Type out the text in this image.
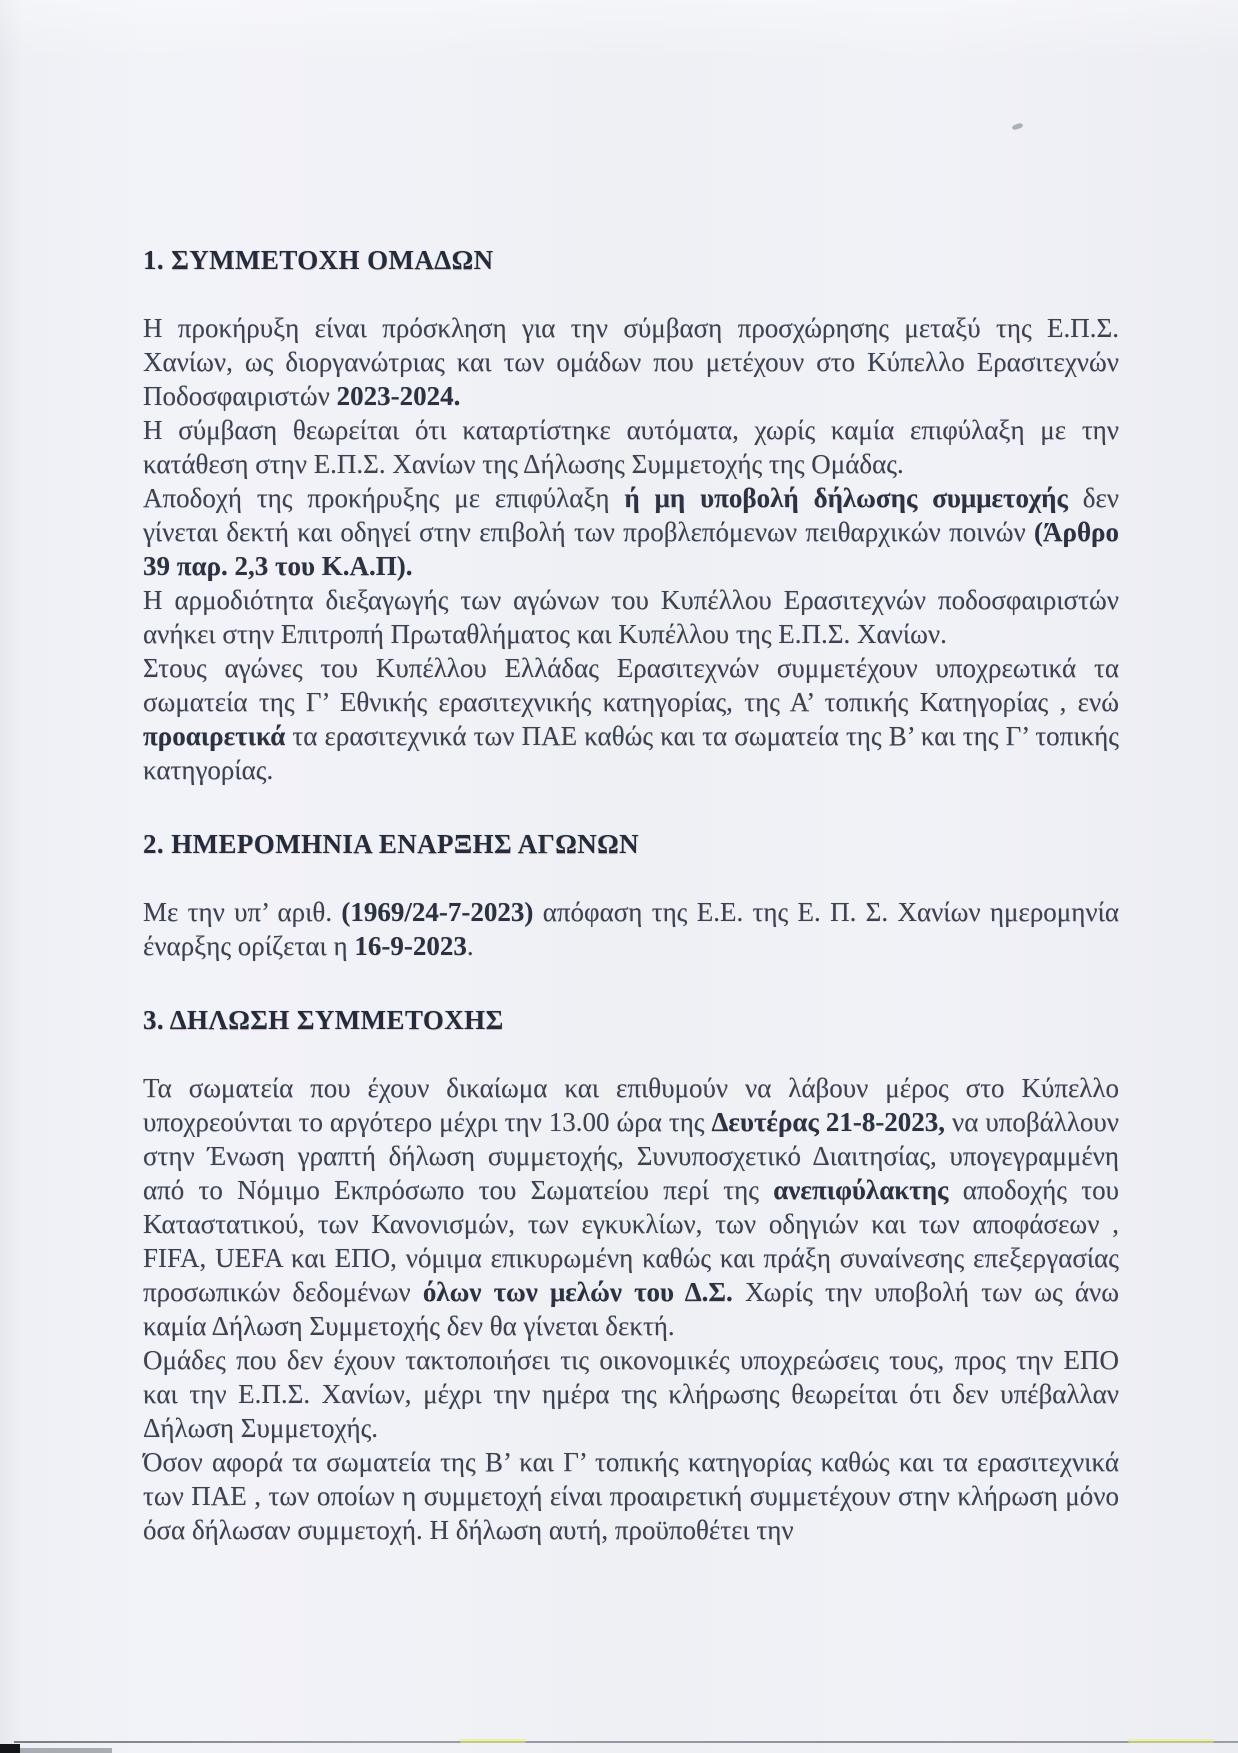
1. ΣΥΜΜΕΤΟΧΗ ΟΜΑΔΩΝ

Η προκήρυξη είναι πρόσκληση για την σύμβαση προσχώρησης μεταξύ της Ε.Π.Σ. Χανίων, ως διοργανώτριας και των ομάδων που μετέχουν στο Κύπελλο Ερασιτεχνών Ποδοσφαιριστών 2023-2024.

Η σύμβαση θεωρείται ότι καταρτίστηκε αυτόματα, χωρίς καμία επιφύλαξη με την κατάθεση στην Ε.Π.Σ. Χανίων της Δήλωσης Συμμετοχής της Ομάδας.

Αποδοχή της προκήρυξης με επιφύλαξη ή μη υποβολή δήλωσης συμμετοχής δεν γίνεται δεκτή και οδηγεί στην επιβολή των προβλεπόμενων πειθαρχικών ποινών (Άρθρο 39 παρ. 2,3 του Κ.Α.Π).

Η αρμοδιότητα διεξαγωγής των αγώνων του Κυπέλλου Ερασιτεχνών ποδοσφαιριστών ανήκει στην Επιτροπή Πρωταθλήματος και Κυπέλλου της Ε.Π.Σ. Χανίων.

Στους αγώνες του Κυπέλλου Ελλάδας Ερασιτεχνών συμμετέχουν υποχρεωτικά τα σωματεία της Γ’ Εθνικής ερασιτεχνικής κατηγορίας, της Α’ τοπικής Κατηγορίας , ενώ προαιρετικά τα ερασιτεχνικά των ΠΑΕ καθώς και τα σωματεία της Β’ και της Γ’ τοπικής κατηγορίας.

2. ΗΜΕΡΟΜΗΝΙΑ ΕΝΑΡΞΗΣ ΑΓΩΝΩΝ

Με την υπ’ αριθ. (1969/24-7-2023) απόφαση της Ε.Ε. της Ε. Π. Σ. Χανίων ημερομηνία έναρξης ορίζεται η 16-9-2023.

3. ΔΗΛΩΣΗ ΣΥΜΜΕΤΟΧΗΣ

Τα σωματεία που έχουν δικαίωμα και επιθυμούν να λάβουν μέρος στο Κύπελλο υποχρεούνται το αργότερο μέχρι την 13.00 ώρα της Δευτέρας 21-8-2023, να υποβάλλουν στην Ένωση γραπτή δήλωση συμμετοχής, Συνυποσχετικό Διαιτησίας, υπογεγραμμένη από το Νόμιμο Εκπρόσωπο του Σωματείου περί της ανεπιφύλακτης αποδοχής του Καταστατικού, των Κανονισμών, των εγκυκλίων, των οδηγιών και των αποφάσεων , FIFA, UEFA και ΕΠΟ, νόμιμα επικυρωμένη καθώς και πράξη συναίνεσης επεξεργασίας προσωπικών δεδομένων όλων των μελών του Δ.Σ. Χωρίς την υποβολή των ως άνω καμία Δήλωση Συμμετοχής δεν θα γίνεται δεκτή.

Ομάδες που δεν έχουν τακτοποιήσει τις οικονομικές υποχρεώσεις τους, προς την ΕΠΟ και την Ε.Π.Σ. Χανίων, μέχρι την ημέρα της κλήρωσης θεωρείται ότι δεν υπέβαλλαν Δήλωση Συμμετοχής.

Όσον αφορά τα σωματεία της Β’ και Γ’ τοπικής κατηγορίας καθώς και τα ερασιτεχνικά των ΠΑΕ , των οποίων η συμμετοχή είναι προαιρετική συμμετέχουν στην κλήρωση μόνο όσα δήλωσαν συμμετοχή. Η δήλωση αυτή, προϋποθέτει την
